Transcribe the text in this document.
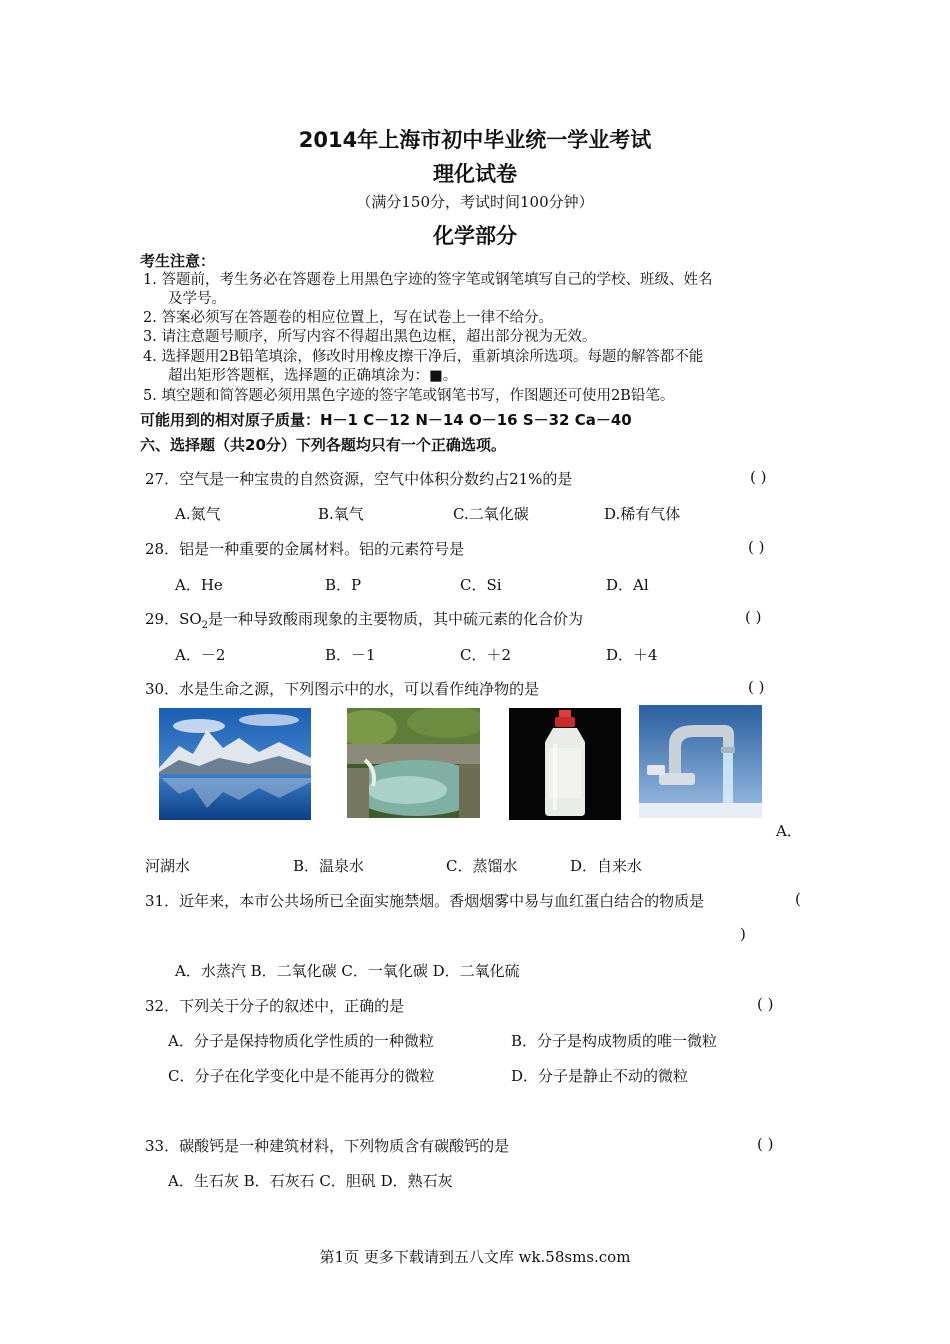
2014年上海市初中毕业统一学业考试
理化试卷
（满分150分，考试时间100分钟）
化学部分
考生注意：
1. 答题前，考生务必在答题卷上用黑色字迹的签字笔或钢笔填写自己的学校、班级、姓名
及学号。
2. 答案必须写在答题卷的相应位置上，写在试卷上一律不给分。
3. 请注意题号顺序，所写内容不得超出黑色边框，超出部分视为无效。
4. 选择题用2B铅笔填涂，修改时用橡皮擦干净后，重新填涂所选项。每题的解答都不能
超出矩形答题框，选择题的正确填涂为：■。
5. 填空题和简答题必须用黑色字迹的签字笔或钢笔书写，作图题还可使用2B铅笔。
可能用到的相对原子质量：H－1 C－12 N－14 O－16 S－32 Ca－40
六、选择题（共20分）下列各题均只有一个正确选项。
27．空气是一种宝贵的自然资源，空气中体积分数约占21%的是	( )
A.氮气	B.氧气	C.二氧化碳	D.稀有气体
28．铝是一种重要的金属材料。铝的元素符号是	( )
A．He	B．P	C．Si	D．Al
29．$SO_2$是一种导致酸雨现象的主要物质，其中硫元素的化合价为	( )
A．－2	B．－1	C．＋2	D．＋4
30．水是生命之源，下列图示中的水，可以看作纯净物的是	( )
A．
河湖水	B．温泉水	C．蒸馏水	D．自来水
31．近年来，本市公共场所已全面实施禁烟。香烟烟雾中易与血红蛋白结合的物质是	(
)
A．水蒸汽 B．二氧化碳 C．一氧化碳 D．二氧化硫
32．下列关于分子的叙述中，正确的是	( )
A．分子是保持物质化学性质的一种微粒	B．分子是构成物质的唯一微粒
C．分子在化学变化中是不能再分的微粒	D．分子是静止不动的微粒
33．碳酸钙是一种建筑材料，下列物质含有碳酸钙的是	( )
A．生石灰 B．石灰石 C．胆矾 D．熟石灰
第1页 更多下载请到五八文库 wk.58sms.com
